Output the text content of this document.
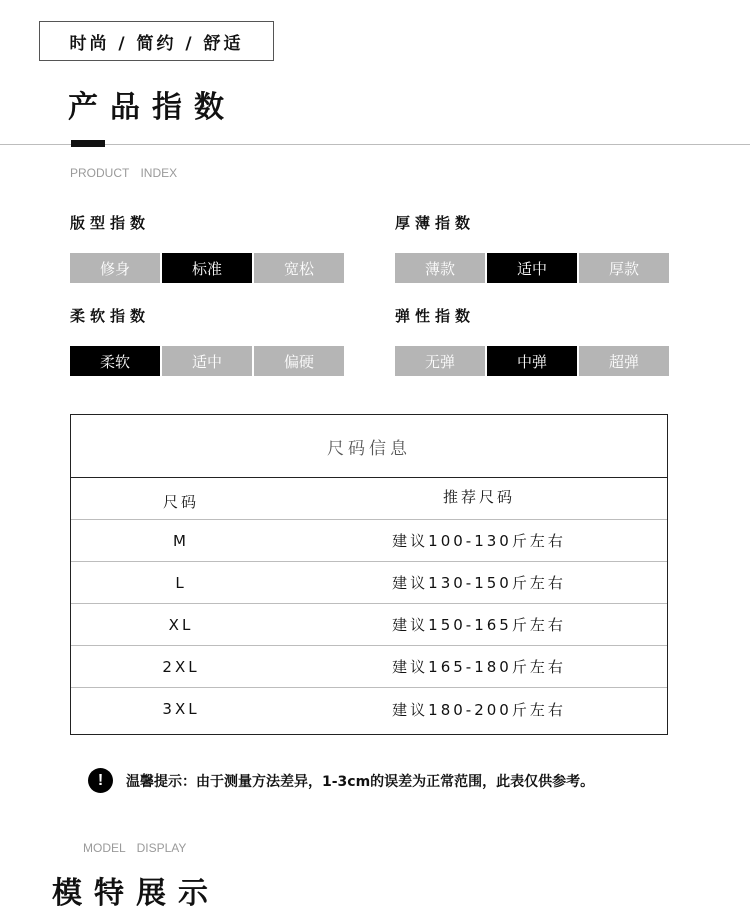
时尚 / 简约 / 舒适
产品指数
PRODUCT INDEX
版型指数
修身	标准	宽松
厚薄指数
薄款	适中	厚款
柔软指数
柔软	适中	偏硬
弹性指数
无弹	中弹	超弹
尺码信息
尺码	推荐尺码
M	建议100-130斤左右
L	建议130-150斤左右
XL	建议150-165斤左右
2XL	建议165-180斤左右
3XL	建议180-200斤左右
!	温馨提示：由于测量方法差异，1-3cm的误差为正常范围，此表仅供参考。
MODEL DISPLAY
模特展示
